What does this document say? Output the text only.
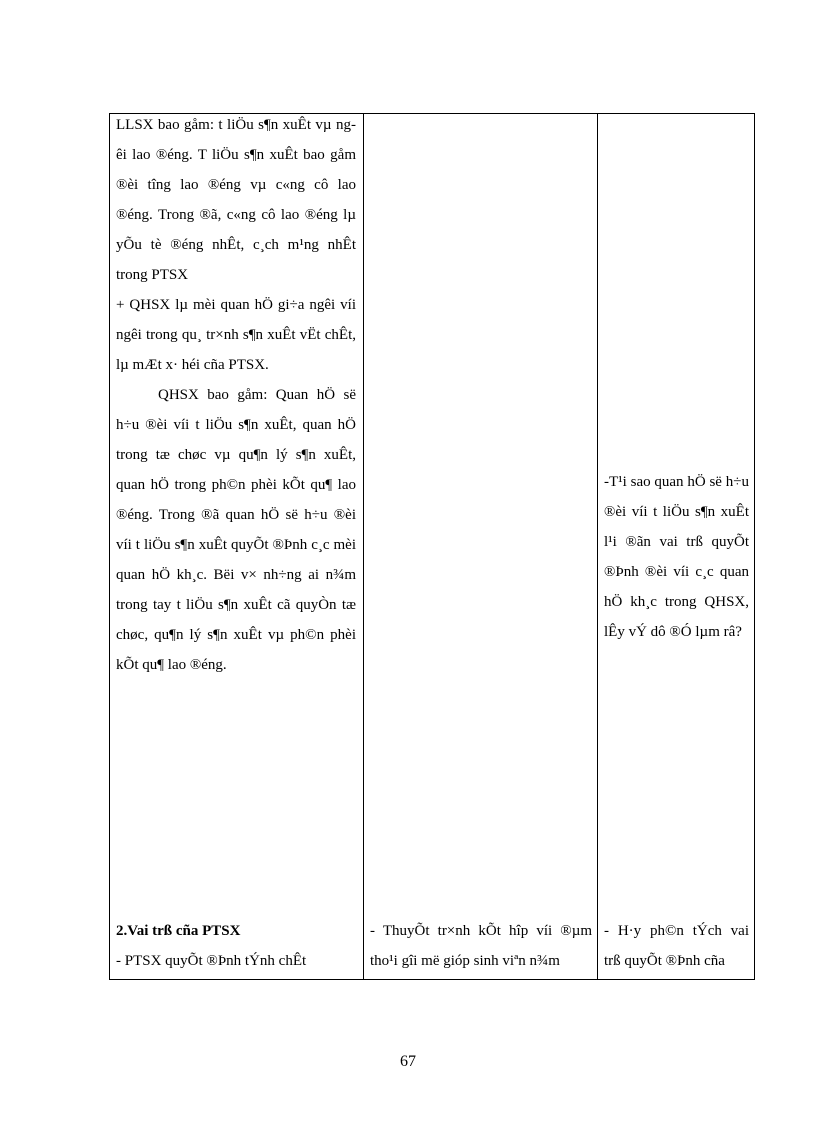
LLSX bao gåm: t liÖu s¶n xuÊt vµ ngêi lao ®éng. T liÖu s¶n xuÊt bao gåm ®èi tîng lao ®éng vµ c«ng cô lao ®éng. Trong ®ã, c«ng cô lao ®éng lµ yÕu tè ®éng nhÊt, c¸ch m¹ng nhÊt trong PTSX

+ QHSX lµ mèi quan hÖ gi÷a ngêi víi ngêi trong qu¸ tr×nh s¶n xuÊt vËt chÊt, lµ mÆt x· héi cña PTSX.

QHSX bao gåm: Quan hÖ së h÷u ®èi víi t liÖu s¶n xuÊt, quan hÖ trong tæ chøc vµ qu¶n lý s¶n xuÊt, quan hÖ trong ph©n phèi kÕt qu¶ lao ®éng. Trong ®ã quan hÖ së h÷u ®èi víi t liÖu s¶n xuÊt quyÕt ®Þnh c¸c mèi quan hÖ kh¸c. Bëi v× nh÷ng ai n¾m trong tay t liÖu s¶n xuÊt cã quyÒn tæ chøc, qu¶n lý s¶n xuÊt vµ ph©n phèi kÕt qu¶ lao ®éng.

-T¹i sao quan hÖ së h÷u ®èi víi t liÖu s¶n xuÊt l¹i ®ãn vai trß quyÕt ®Þnh ®èi víi c¸c quan hÖ kh¸c trong QHSX, lÊy vÝ dô ®Ó lµm râ?

2.Vai trß cña PTSX

- PTSX quyÕt ®Þnh tÝnh chÊt

- ThuyÕt tr×nh kÕt hîp víi ®µm tho¹i gîi më gióp sinh viªn n¾m

- H·y ph©n tÝch vai trß quyÕt ®Þnh cña

67
